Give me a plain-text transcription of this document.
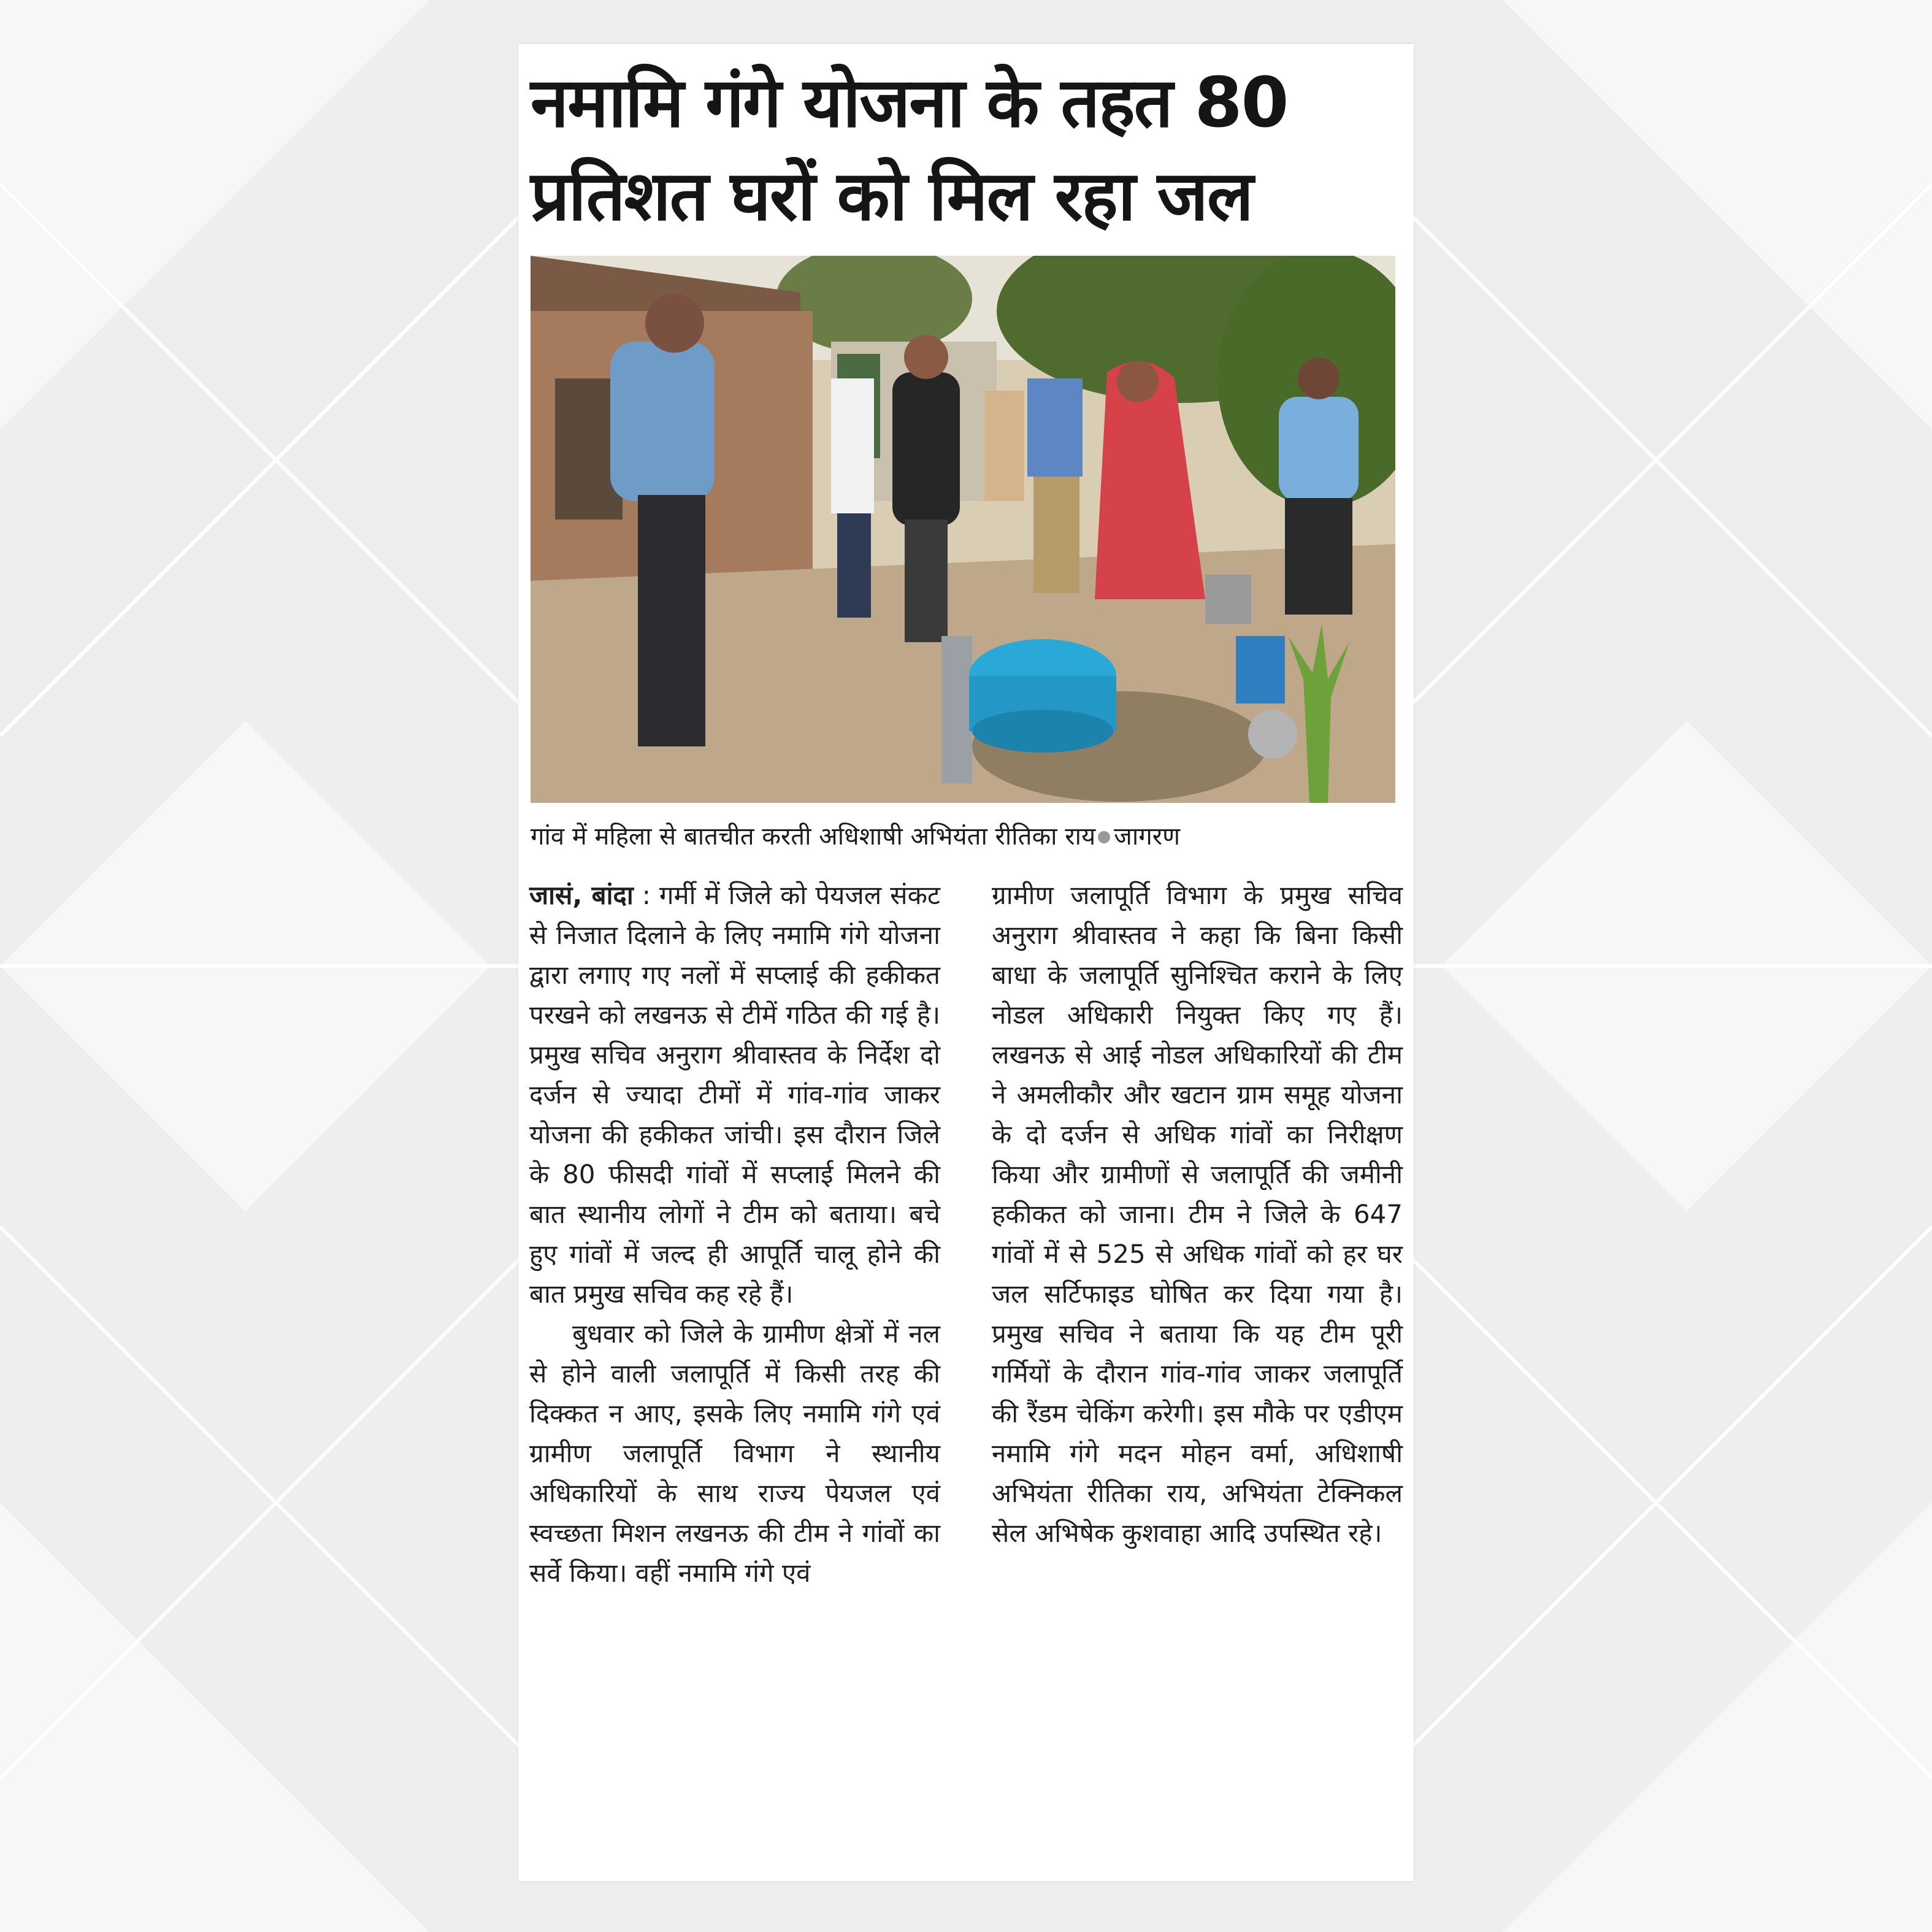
नमामि गंगे योजना के तहत 80
प्रतिशत घरों को मिल रहा जल
गांव में महिला से बातचीत करती अधिशाषी अभियंता रीतिका राय जागरण

जासं, बांदा : गर्मी में जिले को पेयजल संकट से निजात दिलाने के लिए नमामि गंगे योजना द्वारा लगाए गए नलों में सप्लाई की हकीकत परखने को लखनऊ से टीमें गठित की गई है। प्रमुख सचिव अनुराग श्रीवास्तव के निर्देश दो दर्जन से ज्यादा टीमों में गांव-गांव जाकर योजना की हकीकत जांची। इस दौरान जिले के 80 फीसदी गांवों में सप्लाई मिलने की बात स्थानीय लोगों ने टीम को बताया। बचे हुए गांवों में जल्द ही आपूर्ति चालू होने की बात प्रमुख सचिव कह रहे हैं।

बुधवार को जिले के ग्रामीण क्षेत्रों में नल से होने वाली जलापूर्ति में किसी तरह की दिक्कत न आए, इसके लिए नमामि गंगे एवं ग्रामीण जलापूर्ति विभाग ने स्थानीय अधिकारियों के साथ राज्य पेयजल एवं स्वच्छता मिशन लखनऊ की टीम ने गांवों का सर्वे किया। वहीं नमामि गंगे एवं

ग्रामीण जलापूर्ति विभाग के प्रमुख सचिव अनुराग श्रीवास्तव ने कहा कि बिना किसी बाधा के जलापूर्ति सुनिश्चित कराने के लिए नोडल अधिकारी नियुक्त किए गए हैं। लखनऊ से आई नोडल अधिकारियों की टीम ने अमलीकौर और खटान ग्राम समूह योजना के दो दर्जन से अधिक गांवों का निरीक्षण किया और ग्रामीणों से जलापूर्ति की जमीनी हकीकत को जाना। टीम ने जिले के 647 गांवों में से 525 से अधिक गांवों को हर घर जल सर्टिफाइड घोषित कर दिया गया है। प्रमुख सचिव ने बताया कि यह टीम पूरी गर्मियों के दौरान गांव-गांव जाकर जलापूर्ति की रैंडम चेकिंग करेगी। इस मौके पर एडीएम नमामि गंगे मदन मोहन वर्मा, अधिशाषी अभियंता रीतिका राय, अभियंता टेक्निकल सेल अभिषेक कुशवाहा आदि उपस्थित रहे।
